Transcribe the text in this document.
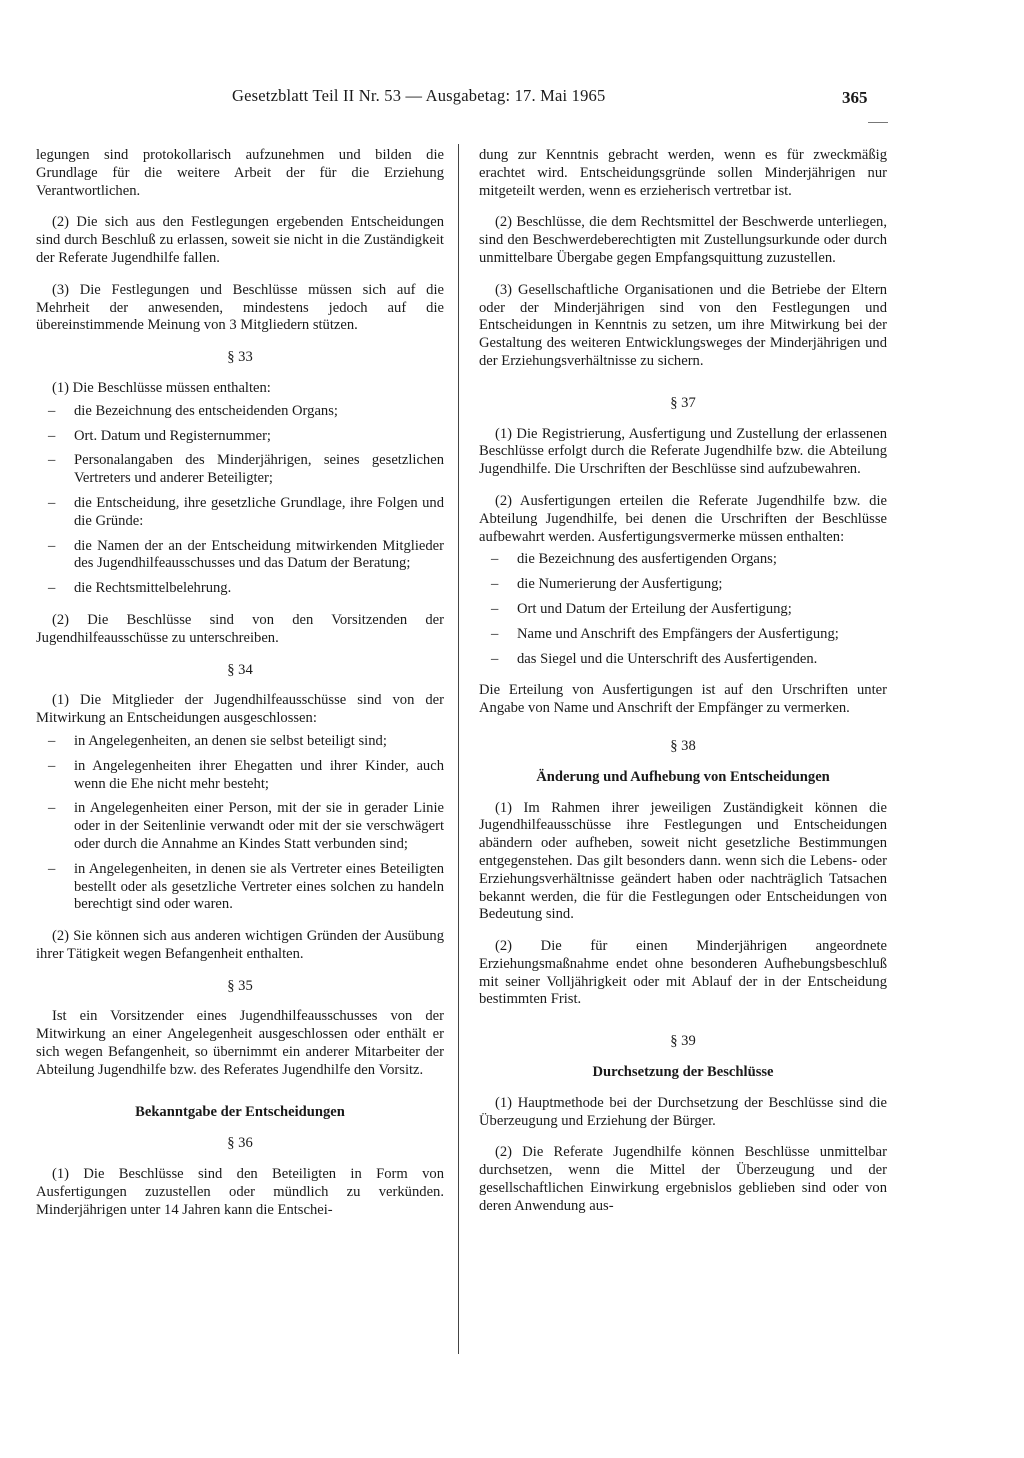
Gesetzblatt Teil II Nr. 53 — Ausgabetag: 17. Mai 1965	365

legungen sind protokollarisch aufzunehmen und bilden die Grundlage für die weitere Arbeit der für die Erziehung Verantwortlichen.

(2) Die sich aus den Festlegungen ergebenden Entscheidungen sind durch Beschluß zu erlassen, soweit sie nicht in die Zuständigkeit der Referate Jugendhilfe fallen.

(3) Die Festlegungen und Beschlüsse müssen sich auf die Mehrheit der anwesenden, mindestens jedoch auf die übereinstimmende Meinung von 3 Mitgliedern stützen.

§ 33

(1) Die Beschlüsse müssen enthalten:

– die Bezeichnung des entscheidenden Organs;
– Ort. Datum und Registernummer;
– Personalangaben des Minderjährigen, seines gesetzlichen Vertreters und anderer Beteiligter;
– die Entscheidung, ihre gesetzliche Grundlage, ihre Folgen und die Gründe:
– die Namen der an der Entscheidung mitwirkenden Mitglieder des Jugendhilfeausschusses und das Datum der Beratung;
– die Rechtsmittelbelehrung.

(2) Die Beschlüsse sind von den Vorsitzenden der Jugendhilfeausschüsse zu unterschreiben.

§ 34

(1) Die Mitglieder der Jugendhilfeausschüsse sind von der Mitwirkung an Entscheidungen ausgeschlossen:

– in Angelegenheiten, an denen sie selbst beteiligt sind;
– in Angelegenheiten ihrer Ehegatten und ihrer Kinder, auch wenn die Ehe nicht mehr besteht;
– in Angelegenheiten einer Person, mit der sie in gerader Linie oder in der Seitenlinie verwandt oder mit der sie verschwägert oder durch die Annahme an Kindes Statt verbunden sind;
– in Angelegenheiten, in denen sie als Vertreter eines Beteiligten bestellt oder als gesetzliche Vertreter eines solchen zu handeln berechtigt sind oder waren.

(2) Sie können sich aus anderen wichtigen Gründen der Ausübung ihrer Tätigkeit wegen Befangenheit enthalten.

§ 35

Ist ein Vorsitzender eines Jugendhilfeausschusses von der Mitwirkung an einer Angelegenheit ausgeschlossen oder enthält er sich wegen Befangenheit, so übernimmt ein anderer Mitarbeiter der Abteilung Jugendhilfe bzw. des Referates Jugendhilfe den Vorsitz.

Bekanntgabe der Entscheidungen
§ 36

(1) Die Beschlüsse sind den Beteiligten in Form von Ausfertigungen zuzustellen oder mündlich zu verkünden. Minderjährigen unter 14 Jahren kann die Entschei-

dung zur Kenntnis gebracht werden, wenn es für zweckmäßig erachtet wird. Entscheidungsgründe sollen Minderjährigen nur mitgeteilt werden, wenn es erzieherisch vertretbar ist.

(2) Beschlüsse, die dem Rechtsmittel der Beschwerde unterliegen, sind den Beschwerdeberechtigten mit Zustellungsurkunde oder durch unmittelbare Übergabe gegen Empfangsquittung zuzustellen.

(3) Gesellschaftliche Organisationen und die Betriebe der Eltern oder der Minderjährigen sind von den Festlegungen und Entscheidungen in Kenntnis zu setzen, um ihre Mitwirkung bei der Gestaltung des weiteren Entwicklungsweges der Minderjährigen und der Erziehungsverhältnisse zu sichern.

§ 37

(1) Die Registrierung, Ausfertigung und Zustellung der erlassenen Beschlüsse erfolgt durch die Referate Jugendhilfe bzw. die Abteilung Jugendhilfe. Die Urschriften der Beschlüsse sind aufzubewahren.

(2) Ausfertigungen erteilen die Referate Jugendhilfe bzw. die Abteilung Jugendhilfe, bei denen die Urschriften der Beschlüsse aufbewahrt werden. Ausfertigungsvermerke müssen enthalten:

– die Bezeichnung des ausfertigenden Organs;
– die Numerierung der Ausfertigung;
– Ort und Datum der Erteilung der Ausfertigung;
– Name und Anschrift des Empfängers der Ausfertigung;
– das Siegel und die Unterschrift des Ausfertigenden.

Die Erteilung von Ausfertigungen ist auf den Urschriften unter Angabe von Name und Anschrift der Empfänger zu vermerken.

§ 38
Änderung und Aufhebung von Entscheidungen

(1) Im Rahmen ihrer jeweiligen Zuständigkeit können die Jugendhilfeausschüsse ihre Festlegungen und Entscheidungen abändern oder aufheben, soweit nicht gesetzliche Bestimmungen entgegenstehen. Das gilt besonders dann. wenn sich die Lebens- oder Erziehungsverhältnisse geändert haben oder nachträglich Tatsachen bekannt werden, die für die Festlegungen oder Entscheidungen von Bedeutung sind.

(2) Die für einen Minderjährigen angeordnete Erziehungsmaßnahme endet ohne besonderen Aufhebungsbeschluß mit seiner Volljährigkeit oder mit Ablauf der in der Entscheidung bestimmten Frist.

§ 39
Durchsetzung der Beschlüsse

(1) Hauptmethode bei der Durchsetzung der Beschlüsse sind die Überzeugung und Erziehung der Bürger.

(2) Die Referate Jugendhilfe können Beschlüsse unmittelbar durchsetzen, wenn die Mittel der Überzeugung und der gesellschaftlichen Einwirkung ergebnislos geblieben sind oder von deren Anwendung aus-
